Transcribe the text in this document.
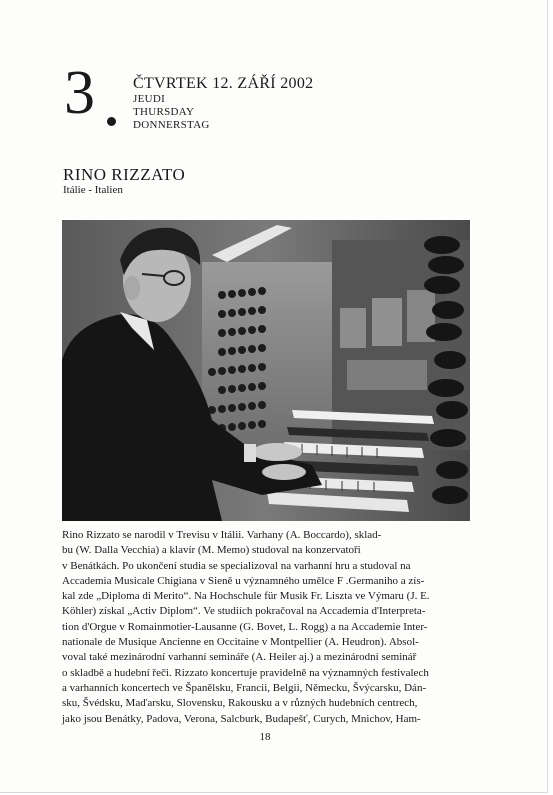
3 ČTVRTEK 12. ZÁŘÍ 2002
JEUDI
THURSDAY
DONNERSTAG
RINO RIZZATO
Itálie - Italien
Rino Rizzato se narodil v Trevisu v Itálii. Varhany (A. Boccardo), sklad-
bu (W. Dalla Vecchia) a klavír (M. Memo) studoval na konzervatoři
v Benátkách. Po ukončení studia se specializoval na varhanní hru a studoval na
Accademia Musicale Chigiana v Sieně u významného umělce F .Germaniho a zís-
kal zde „Diploma di Merito“. Na Hochschule für Musik Fr. Liszta ve Výmaru (J. E.
Köhler) získal „Activ Diplom“. Ve studiích pokračoval na Accademia d'Interpreta-
tion d'Orgue v Romainmotier-Lausanne (G. Bovet, L. Rogg) a na Accademie Inter-
nationale de Musique Ancienne en Occitaine v Montpellier (A. Heudron). Absol-
voval také mezinárodní varhanní semináře (A. Heiler aj.) a mezinárodní seminář
o skladbě a hudební řeči. Rizzato koncertuje pravidelně na významných festivalech
a varhanních koncertech ve Španělsku, Francii, Belgii, Německu, Švýcarsku, Dán-
sku, Švédsku, Maďarsku, Slovensku, Rakousku a v různých hudebních centrech,
jako jsou Benátky, Padova, Verona, Salcburk, Budapešť, Curych, Mnichov, Ham-
18
